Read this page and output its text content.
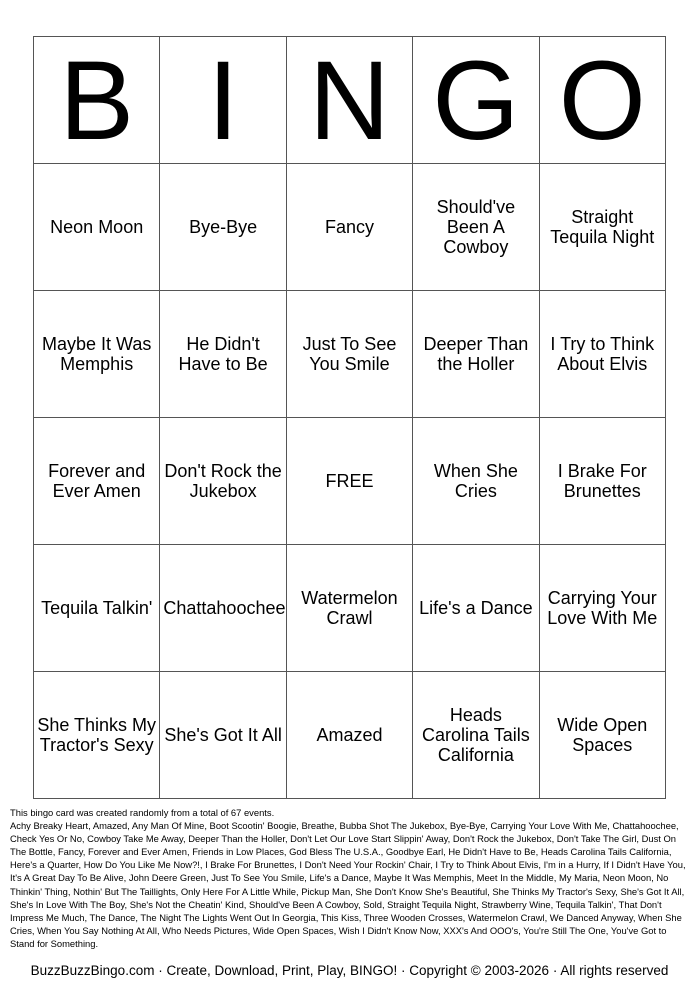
B	I	N	G	O
Neon Moon	Bye-Bye	Fancy	Should've Been A Cowboy	Straight Tequila Night
Maybe It Was Memphis	He Didn't Have to Be	Just To See You Smile	Deeper Than the Holler	I Try to Think About Elvis
Forever and Ever Amen	Don't Rock the Jukebox	FREE	When She Cries	I Brake For Brunettes
Tequila Talkin'	Chattahoochee	Watermelon Crawl	Life's a Dance	Carrying Your Love With Me
She Thinks My Tractor's Sexy	She's Got It All	Amazed	Heads Carolina Tails California	Wide Open Spaces

This bingo card was created randomly from a total of 67 events.

Achy Breaky Heart, Amazed, Any Man Of Mine, Boot Scootin' Boogie, Breathe, Bubba Shot The Jukebox, Bye-Bye, Carrying Your Love With Me, Chattahoochee, Check Yes Or No, Cowboy Take Me Away, Deeper Than the Holler, Don't Let Our Love Start Slippin' Away, Don't Rock the Jukebox, Don't Take The Girl, Dust On The Bottle, Fancy, Forever and Ever Amen, Friends in Low Places, God Bless The U.S.A., Goodbye Earl, He Didn't Have to Be, Heads Carolina Tails California, Here's a Quarter, How Do You Like Me Now?!, I Brake For Brunettes, I Don't Need Your Rockin' Chair, I Try to Think About Elvis, I'm in a Hurry, If I Didn't Have You, It's A Great Day To Be Alive, John Deere Green, Just To See You Smile, Life's a Dance, Maybe It Was Memphis, Meet In the Middle, My Maria, Neon Moon, No Thinkin' Thing, Nothin' But The Taillights, Only Here For A Little While, Pickup Man, She Don't Know She's Beautiful, She Thinks My Tractor's Sexy, She's Got It All, She's In Love With The Boy, She's Not the Cheatin' Kind, Should've Been A Cowboy, Sold, Straight Tequila Night, Strawberry Wine, Tequila Talkin', That Don't Impress Me Much, The Dance, The Night The Lights Went Out In Georgia, This Kiss, Three Wooden Crosses, Watermelon Crawl, We Danced Anyway, When She Cries, When You Say Nothing At All, Who Needs Pictures, Wide Open Spaces, Wish I Didn't Know Now, XXX's And OOO's, You're Still The One, You've Got to Stand for Something.

BuzzBuzzBingo.com · Create, Download, Print, Play, BINGO! · Copyright © 2003-2026 · All rights reserved
